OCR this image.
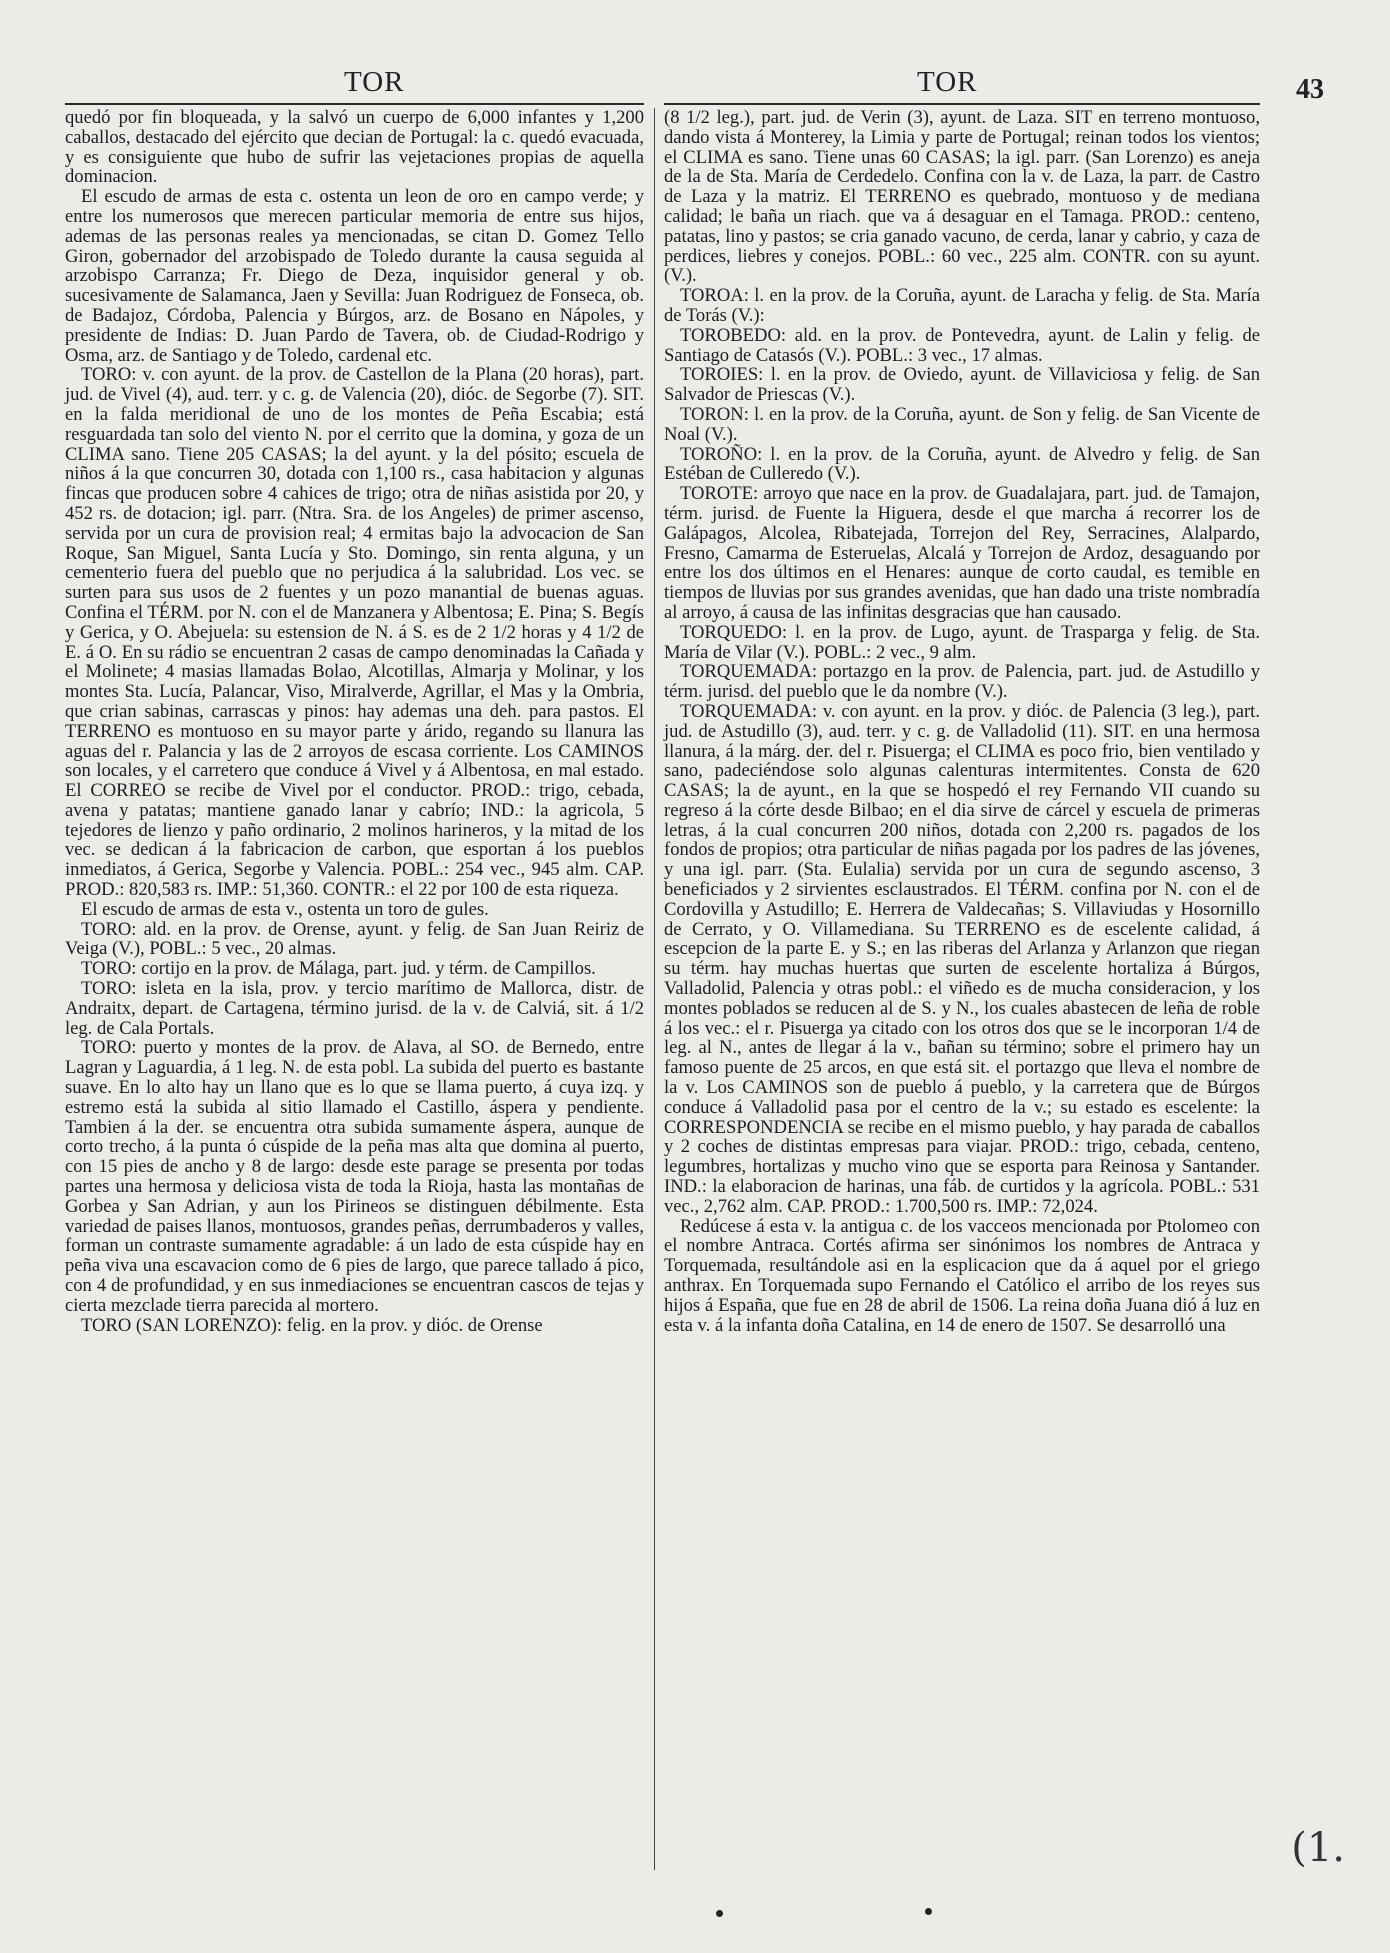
TOR	TOR	43

quedó por fin bloqueada, y la salvó un cuerpo de 6,000 infantes y 1,200 caballos, destacado del ejército que decian de Portugal: la c. quedó evacuada, y es consiguiente que hubo de sufrir las vejetaciones propias de aquella dominacion.

El escudo de armas de esta c. ostenta un leon de oro en campo verde; y entre los numerosos que merecen particular memoria de entre sus hijos, ademas de las personas reales ya mencionadas, se citan D. Gomez Tello Giron, gobernador del arzobispado de Toledo durante la causa seguida al arzobispo Carranza; Fr. Diego de Deza, inquisidor general y ob. sucesivamente de Salamanca, Jaen y Sevilla: Juan Rodriguez de Fonseca, ob. de Badajoz, Córdoba, Palencia y Búrgos, arz. de Bosano en Nápoles, y presidente de Indias: D. Juan Pardo de Tavera, ob. de Ciudad-Rodrigo y Osma, arz. de Santiago y de Toledo, cardenal etc.

TORO: v. con ayunt. de la prov. de Castellon de la Plana (20 horas), part. jud. de Vivel (4), aud. terr. y c. g. de Valencia (20), dióc. de Segorbe (7). SIT. en la falda meridional de uno de los montes de Peña Escabia; está resguardada tan solo del viento N. por el cerrito que la domina, y goza de un CLIMA sano. Tiene 205 CASAS; la del ayunt. y la del pósito; escuela de niños á la que concurren 30, dotada con 1,100 rs., casa habitacion y algunas fincas que producen sobre 4 cahices de trigo; otra de niñas asistida por 20, y 452 rs. de dotacion; igl. parr. (Ntra. Sra. de los Angeles) de primer ascenso, servida por un cura de provision real; 4 ermitas bajo la advocacion de San Roque, San Miguel, Santa Lucía y Sto. Domingo, sin renta alguna, y un cementerio fuera del pueblo que no perjudica á la salubridad. Los vec. se surten para sus usos de 2 fuentes y un pozo manantial de buenas aguas. Confina el TÉRM. por N. con el de Manzanera y Albentosa; E. Pina; S. Begís y Gerica, y O. Abejuela: su estension de N. á S. es de 2 1/2 horas y 4 1/2 de E. á O. En su rádio se encuentran 2 casas de campo denominadas la Cañada y el Molinete; 4 masias llamadas Bolao, Alcotillas, Almarja y Molinar, y los montes Sta. Lucía, Palancar, Viso, Miralverde, Agrillar, el Mas y la Ombria, que crian sabinas, carrascas y pinos: hay ademas una deh. para pastos. El TERRENO es montuoso en su mayor parte y árido, regando su llanura las aguas del r. Palancia y las de 2 arroyos de escasa corriente. Los CAMINOS son locales, y el carretero que conduce á Vivel y á Albentosa, en mal estado. El CORREO se recibe de Vivel por el conductor. PROD.: trigo, cebada, avena y patatas; mantiene ganado lanar y cabrío; IND.: la agricola, 5 tejedores de lienzo y paño ordinario, 2 molinos harineros, y la mitad de los vec. se dedican á la fabricacion de carbon, que esportan á los pueblos inmediatos, á Gerica, Segorbe y Valencia. POBL.: 254 vec., 945 alm. CAP. PROD.: 820,583 rs. IMP.: 51,360. CONTR.: el 22 por 100 de esta riqueza.

El escudo de armas de esta v., ostenta un toro de gules.

TORO: ald. en la prov. de Orense, ayunt. y felig. de San Juan Reiriz de Veiga (V.), POBL.: 5 vec., 20 almas.

TORO: cortijo en la prov. de Málaga, part. jud. y térm. de Campillos.

TORO: isleta en la isla, prov. y tercio marítimo de Mallorca, distr. de Andraitx, depart. de Cartagena, término jurisd. de la v. de Calviá, sit. á 1/2 leg. de Cala Portals.

TORO: puerto y montes de la prov. de Alava, al SO. de Bernedo, entre Lagran y Laguardia, á 1 leg. N. de esta pobl. La subida del puerto es bastante suave. En lo alto hay un llano que es lo que se llama puerto, á cuya izq. y estremo está la subida al sitio llamado el Castillo, áspera y pendiente. Tambien á la der. se encuentra otra subida sumamente áspera, aunque de corto trecho, á la punta ó cúspide de la peña mas alta que domina al puerto, con 15 pies de ancho y 8 de largo: desde este parage se presenta por todas partes una hermosa y deliciosa vista de toda la Rioja, hasta las montañas de Gorbea y San Adrian, y aun los Pirineos se distinguen débilmente. Esta variedad de paises llanos, montuosos, grandes peñas, derrumbaderos y valles, forman un contraste sumamente agradable: á un lado de esta cúspide hay en peña viva una escavacion como de 6 pies de largo, que parece tallado á pico, con 4 de profundidad, y en sus inmediaciones se encuentran cascos de tejas y cierta mezclade tierra parecida al mortero.

TORO (SAN LORENZO): felig. en la prov. y dióc. de Orense

(8 1/2 leg.), part. jud. de Verin (3), ayunt. de Laza. SIT en terreno montuoso, dando vista á Monterey, la Limia y parte de Portugal; reinan todos los vientos; el CLIMA es sano. Tiene unas 60 CASAS; la igl. parr. (San Lorenzo) es aneja de la de Sta. María de Cerdedelo. Confina con la v. de Laza, la parr. de Castro de Laza y la matriz. El TERRENO es quebrado, montuoso y de mediana calidad; le baña un riach. que va á desaguar en el Tamaga. PROD.: centeno, patatas, lino y pastos; se cria ganado vacuno, de cerda, lanar y cabrio, y caza de perdices, liebres y conejos. POBL.: 60 vec., 225 alm. CONTR. con su ayunt. (V.).

TOROA: l. en la prov. de la Coruña, ayunt. de Laracha y felig. de Sta. María de Torás (V.):

TOROBEDO: ald. en la prov. de Pontevedra, ayunt. de Lalin y felig. de Santiago de Catasós (V.). POBL.: 3 vec., 17 almas.

TOROIES: l. en la prov. de Oviedo, ayunt. de Villaviciosa y felig. de San Salvador de Priescas (V.).

TORON: l. en la prov. de la Coruña, ayunt. de Son y felig. de San Vicente de Noal (V.).

TOROÑO: l. en la prov. de la Coruña, ayunt. de Alvedro y felig. de San Estéban de Culleredo (V.).

TOROTE: arroyo que nace en la prov. de Guadalajara, part. jud. de Tamajon, térm. jurisd. de Fuente la Higuera, desde el que marcha á recorrer los de Galápagos, Alcolea, Ribatejada, Torrejon del Rey, Serracines, Alalpardo, Fresno, Camarma de Esteruelas, Alcalá y Torrejon de Ardoz, desaguando por entre los dos últimos en el Henares: aunque de corto caudal, es temible en tiempos de lluvias por sus grandes avenidas, que han dado una triste nombradía al arroyo, á causa de las infinitas desgracias que han causado.

TORQUEDO: l. en la prov. de Lugo, ayunt. de Trasparga y felig. de Sta. María de Vilar (V.). POBL.: 2 vec., 9 alm.

TORQUEMADA: portazgo en la prov. de Palencia, part. jud. de Astudillo y térm. jurisd. del pueblo que le da nombre (V.).

TORQUEMADA: v. con ayunt. en la prov. y dióc. de Palencia (3 leg.), part. jud. de Astudillo (3), aud. terr. y c. g. de Valladolid (11). SIT. en una hermosa llanura, á la márg. der. del r. Pisuerga; el CLIMA es poco frio, bien ventilado y sano, padeciéndose solo algunas calenturas intermitentes. Consta de 620 CASAS; la de ayunt., en la que se hospedó el rey Fernando VII cuando su regreso á la córte desde Bilbao; en el dia sirve de cárcel y escuela de primeras letras, á la cual concurren 200 niños, dotada con 2,200 rs. pagados de los fondos de propios; otra particular de niñas pagada por los padres de las jóvenes, y una igl. parr. (Sta. Eulalia) servida por un cura de segundo ascenso, 3 beneficiados y 2 sirvientes esclaustrados. El TÉRM. confina por N. con el de Cordovilla y Astudillo; E. Herrera de Valdecañas; S. Villaviudas y Hosornillo de Cerrato, y O. Villamediana. Su TERRENO es de escelente calidad, á escepcion de la parte E. y S.; en las riberas del Arlanza y Arlanzon que riegan su térm. hay muchas huertas que surten de escelente hortaliza á Búrgos, Valladolid, Palencia y otras pobl.: el viñedo es de mucha consideracion, y los montes poblados se reducen al de S. y N., los cuales abastecen de leña de roble á los vec.: el r. Pisuerga ya citado con los otros dos que se le incorporan 1/4 de leg. al N., antes de llegar á la v., bañan su término; sobre el primero hay un famoso puente de 25 arcos, en que está sit. el portazgo que lleva el nombre de la v. Los CAMINOS son de pueblo á pueblo, y la carretera que de Búrgos conduce á Valladolid pasa por el centro de la v.; su estado es escelente: la CORRESPONDENCIA se recibe en el mismo pueblo, y hay parada de caballos y 2 coches de distintas empresas para viajar. PROD.: trigo, cebada, centeno, legumbres, hortalizas y mucho vino que se esporta para Reinosa y Santander. IND.: la elaboracion de harinas, una fáb. de curtidos y la agrícola. POBL.: 531 vec., 2,762 alm. CAP. PROD.: 1.700,500 rs. IMP.: 72,024.

Redúcese á esta v. la antigua c. de los vacceos mencionada por Ptolomeo con el nombre Antraca. Cortés afirma ser sinónimos los nombres de Antraca y Torquemada, resultándole asi en la esplicacion que da á aquel por el griego anthrax. En Torquemada supo Fernando el Católico el arribo de los reyes sus hijos á España, que fue en 28 de abril de 1506. La reina doña Juana dió á luz en esta v. á la infanta doña Catalina, en 14 de enero de 1507. Se desarrolló una

(1.
